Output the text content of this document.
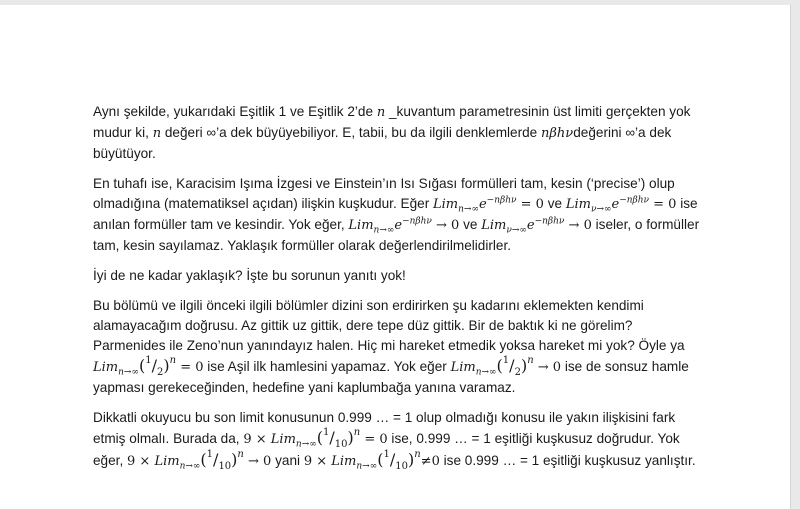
Aynı şekilde, yukarıdaki Eşitlik 1 ve Eşitlik 2’de n _kuvantum parametresinin üst limiti gerçekten yok mudur ki, n değeri ∞’a dek büyüyebiliyor. E, tabii, bu da ilgili denklemlerde nβhνdeğerini ∞’a dek büyütüyor.

En tuhafı ise, Karacisim Işıma İzgesi ve Einstein’ın Isı Sığası formülleri tam, kesin (‘precise’) olup olmadığına (matematiksel açıdan) ilişkin kuşkudur. Eğer $Lim_{n\to\infty}e^{-n\beta h\nu} = 0$ ve $Lim_{\nu\to\infty}e^{-n\beta h\nu} = 0$ ise anılan formüller tam ve kesindir. Yok eğer, $Lim_{n\to\infty}e^{-n\beta h\nu} \to 0$ ve $Lim_{\nu\to\infty}e^{-n\beta h\nu} \to 0$ iseler, o formüller tam, kesin sayılamaz. Yaklaşık formüller olarak değerlendirilmelidirler.

İyi de ne kadar yaklaşık? İşte bu sorunun yanıtı yok!

Bu bölümü ve ilgili önceki ilgili bölümler dizini son erdirirken şu kadarını eklemekten kendimi alamayacağım doğrusu. Az gittik uz gittik, dere tepe düz gittik. Bir de baktık ki ne görelim? Parmenides ile Zeno’nun yanındayız halen. Hiç mi hareket etmedik yoksa hareket mi yok? Öyle ya $Lim_{n\to\infty}(^1/_2)^n = 0$ ise Aşil ilk hamlesini yapamaz. Yok eğer $Lim_{n\to\infty}(^1/_2)^n \to 0$ ise de sonsuz hamle yapması gerekeceğinden, hedefine yani kaplumbağa yanına varamaz.

Dikkatli okuyucu bu son limit konusunun 0.999 … = 1 olup olmadığı konusu ile yakın ilişkisini fark etmiş olmalı. Burada da, $9 \times Lim_{n\to\infty}(^1/_{10})^n = 0$ ise, 0.999 … = 1 eşitliği kuşkusuz doğrudur. Yok eğer, $9 \times Lim_{n\to\infty}(^1/_{10})^n \to 0$ yani $9 \times Lim_{n\to\infty}(^1/_{10})^n\ne 0$ ise 0.999 … = 1 eşitliği kuşkusuz yanlıştır.
